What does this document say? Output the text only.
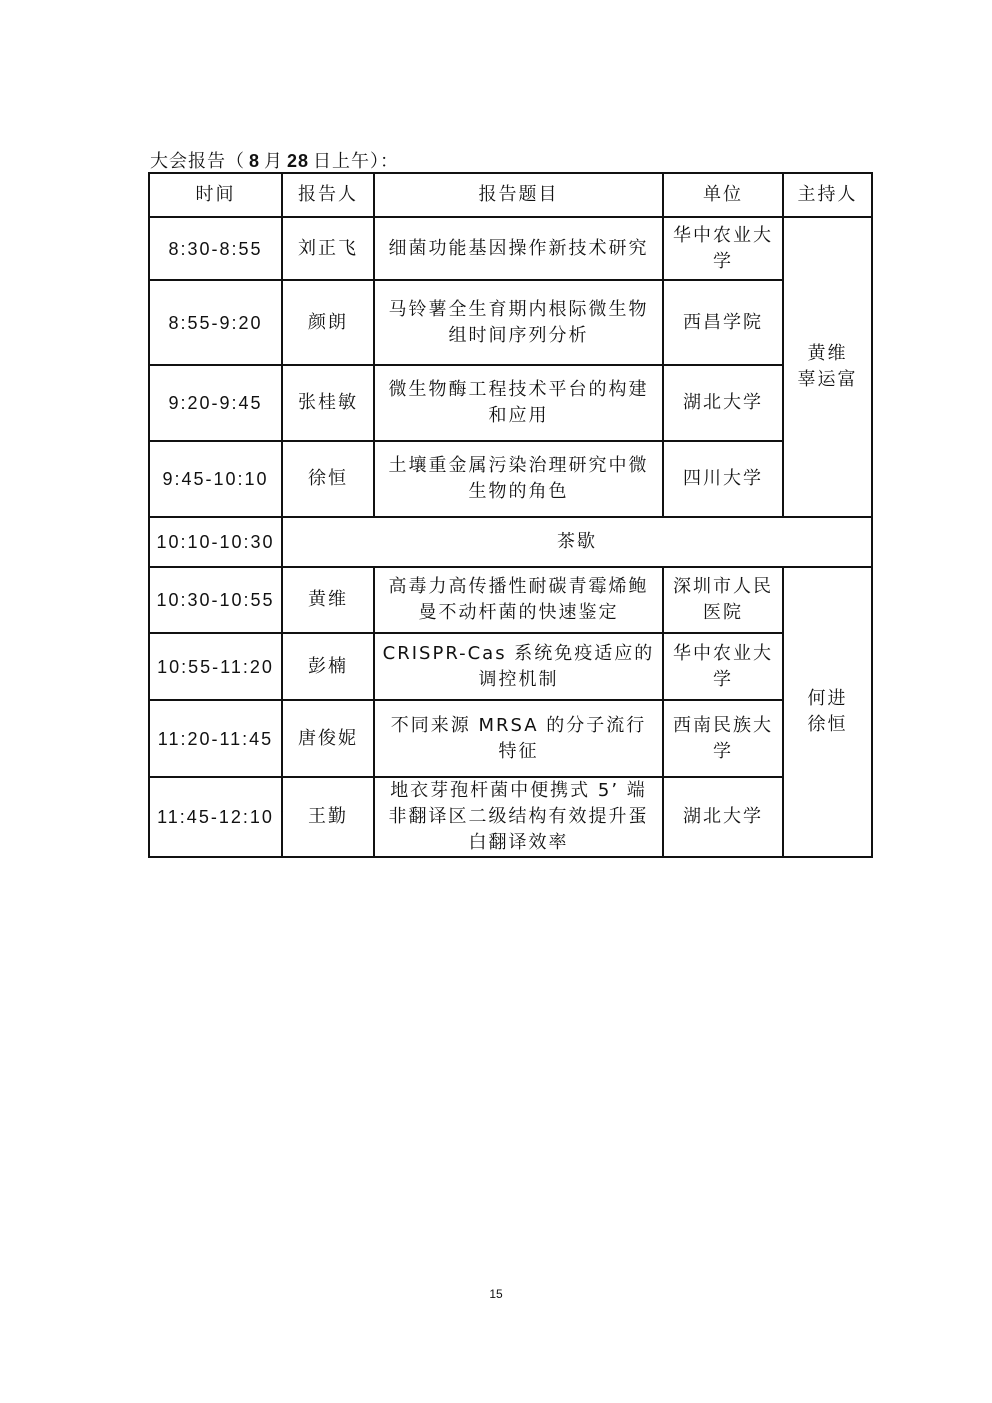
大会报告（ 8 月 28 日上午）：
时间	报告人	报告题目	单位	主持人
8:30-8:55	刘正飞	细菌功能基因操作新技术研究	华中农业大学	黄维
辜运富

8:55-9:20	颜朗	马铃薯全生育期内根际微生物组时间序列分析	西昌学院	
9:20-9:45	张桂敏	微生物酶工程技术平台的构建和应用	湖北大学	
9:45-10:10	徐恒	土壤重金属污染治理研究中微生物的角色	四川大学	
10:10-10:30	茶歇			
10:30-10:55	黄维	高毒力高传播性耐碳青霉烯鲍曼不动杆菌的快速鉴定	深圳市人民医院	何进
徐恒

10:55-11:20	彭楠	CRISPR-Cas 系统免疫适应的调控机制	华中农业大学	
11:20-11:45	唐俊妮	不同来源 MRSA 的分子流行特征	西南民族大学	
11:45-12:10	王勤	地衣芽孢杆菌中便携式 5’ 端非翻译区二级结构有效提升蛋白翻译效率	湖北大学	
15
